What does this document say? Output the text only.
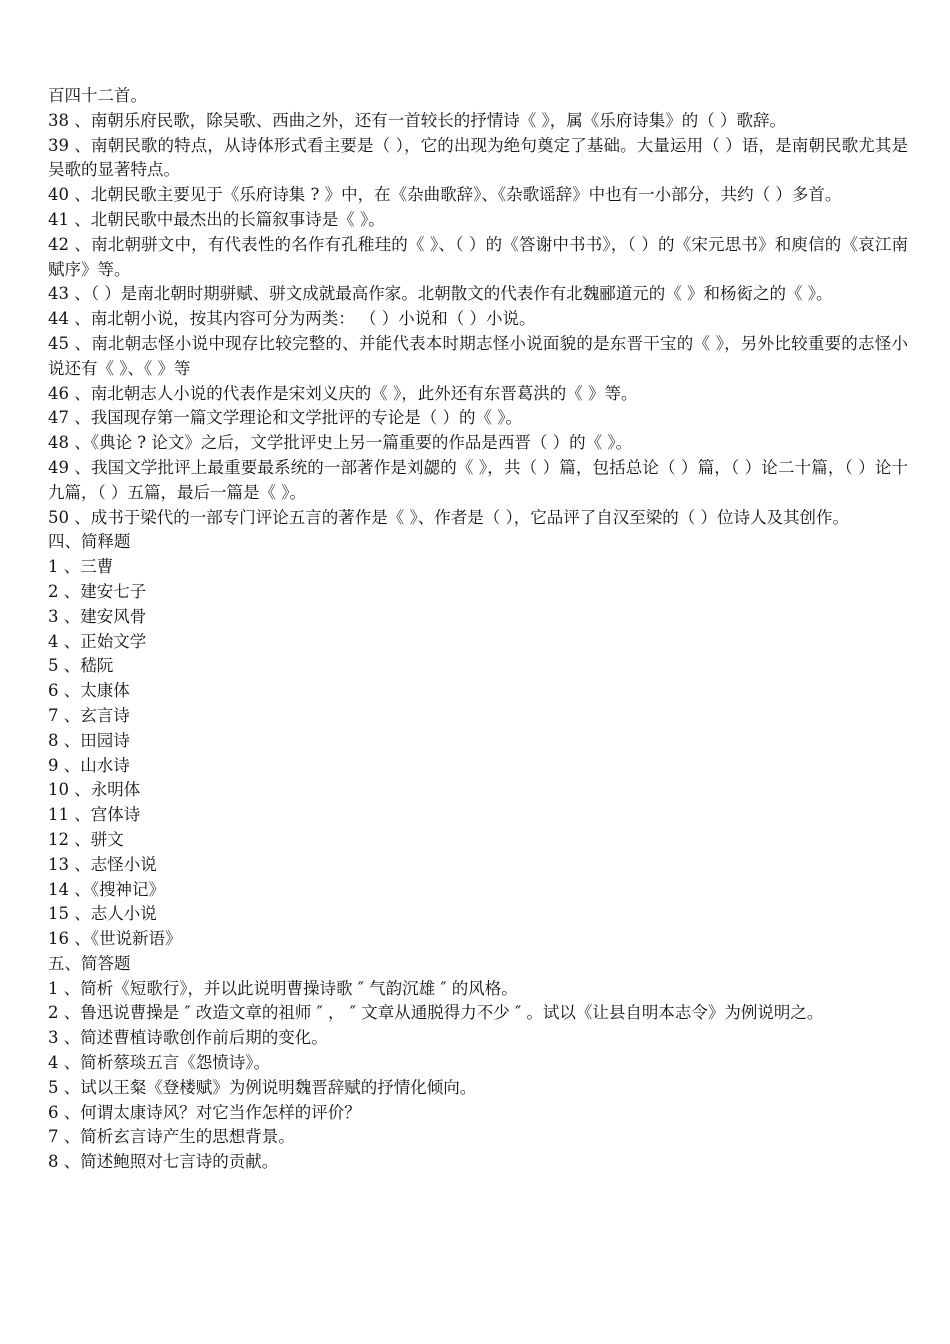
百四十二首。
38 、南朝乐府民歌，除吴歌、西曲之外，还有一首较长的抒情诗《 》，属《乐府诗集》的（ ）歌辞。
39 、南朝民歌的特点，从诗体形式看主要是（ ），它的出现为绝句奠定了基础。大量运用（ ）语，是南朝民歌尤其是吴歌的显著特点。
40 、北朝民歌主要见于《乐府诗集 ? 》中，在《杂曲歌辞》、《杂歌谣辞》中也有一小部分，共约（ ）多首。
41 、北朝民歌中最杰出的长篇叙事诗是《 》。
42 、南北朝骈文中，有代表性的名作有孔稚珪的《 》、（ ）的《答谢中书书》，（ ）的《宋元思书》和庾信的《哀江南赋序》等。
43 、（ ）是南北朝时期骈赋、骈文成就最高作家。北朝散文的代表作有北魏郦道元的《 》和杨衒之的《 》。
44 、南北朝小说，按其内容可分为两类： （ ）小说和（ ）小说。
45 、南北朝志怪小说中现存比较完整的、并能代表本时期志怪小说面貌的是东晋干宝的《 》，另外比较重要的志怪小说还有《 》、《 》等
46 、南北朝志人小说的代表作是宋刘义庆的《 》，此外还有东晋葛洪的《 》等。
47 、我国现存第一篇文学理论和文学批评的专论是（ ）的《 》。
48 、《典论 ? 论文》之后，文学批评史上另一篇重要的作品是西晋（ ）的《 》。
49 、我国文学批评上最重要最系统的一部著作是刘勰的《 》，共（ ）篇，包括总论（ ）篇，（ ）论二十篇，（ ）论十九篇，（ ）五篇，最后一篇是《 》。
50 、成书于梁代的一部专门评论五言的著作是《 》、作者是（ ），它品评了自汉至梁的（ ）位诗人及其创作。
四、简释题
1 、三曹
2 、建安七子
3 、建安风骨
4 、正始文学
5 、嵇阮
6 、太康体
7 、玄言诗
8 、田园诗
9 、山水诗
10 、永明体
11 、宫体诗
12 、骈文
13 、志怪小说
14 、《搜神记》
15 、志人小说
16 、《世说新语》
五、简答题
1 、简析《短歌行》，并以此说明曹操诗歌 ″ 气韵沉雄 ″ 的风格。
2 、鲁迅说曹操是 ″ 改造文章的祖师 ″ ， ″ 文章从通脱得力不少 ″ 。试以《让县自明本志令》为例说明之。
3 、简述曹植诗歌创作前后期的变化。
4 、简析蔡琰五言《怨愤诗》。
5 、试以王粲《登楼赋》为例说明魏晋辞赋的抒情化倾向。
6 、何谓太康诗风？对它当作怎样的评价？
7 、简析玄言诗产生的思想背景。
8 、简述鲍照对七言诗的贡献。
